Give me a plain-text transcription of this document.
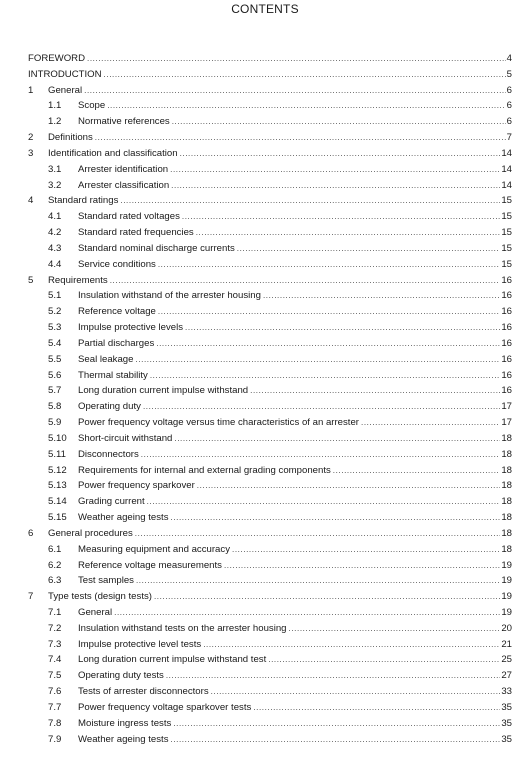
CONTENTS
FOREWORD .....	4
INTRODUCTION .....	5
1	General .....	6
1.1	Scope .....	6
1.2	Normative references .....	6
2	Definitions .....	7
3	Identification and classification .....	14
3.1	Arrester identification .....	14
3.2	Arrester classification .....	14
4	Standard ratings .....	15
4.1	Standard rated voltages .....	15
4.2	Standard rated frequencies .....	15
4.3	Standard nominal discharge currents .....	15
4.4	Service conditions .....	15
5	Requirements .....	16
5.1	Insulation withstand of the arrester housing .....	16
5.2	Reference voltage .....	16
5.3	Impulse protective levels .....	16
5.4	Partial discharges .....	16
5.5	Seal leakage .....	16
5.6	Thermal stability .....	16
5.7	Long duration current impulse withstand .....	16
5.8	Operating duty .....	17
5.9	Power frequency voltage versus time characteristics of an arrester .....	17
5.10	Short-circuit withstand .....	18
5.11	Disconnectors .....	18
5.12	Requirements for internal and external grading components .....	18
5.13	Power frequency sparkover .....	18
5.14	Grading current .....	18
5.15	Weather ageing tests .....	18
6	General procedures .....	18
6.1	Measuring equipment and accuracy .....	18
6.2	Reference voltage measurements .....	19
6.3	Test samples .....	19
7	Type tests (design tests) .....	19
7.1	General .....	19
7.2	Insulation withstand tests on the arrester housing .....	20
7.3	Impulse protective level tests .....	21
7.4	Long duration current impulse withstand test .....	25
7.5	Operating duty tests .....	27
7.6	Tests of arrester disconnectors .....	33
7.7	Power frequency voltage sparkover tests .....	35
7.8	Moisture ingress tests .....	35
7.9	Weather ageing tests .....	35
